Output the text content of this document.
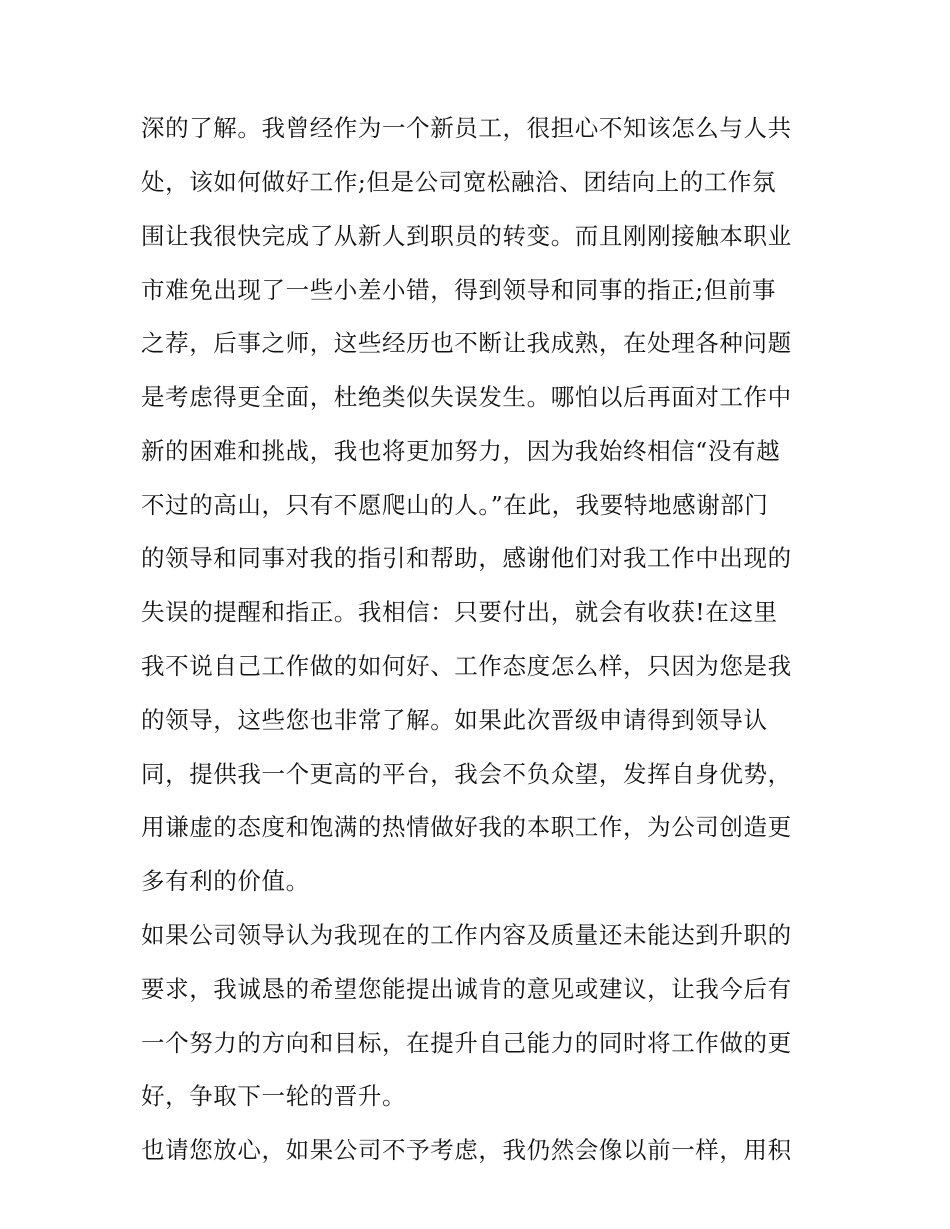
深的了解。我曾经作为一个新员工，很担心不知该怎么与人共
处，该如何做好工作;但是公司宽松融洽、团结向上的工作氛
围让我很快完成了从新人到职员的转变。而且刚刚接触本职业
市难免出现了一些小差小错，得到领导和同事的指正;但前事
之荐，后事之师，这些经历也不断让我成熟，在处理各种问题
是考虑得更全面，杜绝类似失误发生。哪怕以后再面对工作中
新的困难和挑战，我也将更加努力，因为我始终相信“没有越
不过的高山，只有不愿爬山的人。”在此，我要特地感谢部门
的领导和同事对我的指引和帮助，感谢他们对我工作中出现的
失误的提醒和指正。我相信：只要付出，就会有收获!在这里
我不说自己工作做的如何好、工作态度怎么样，只因为您是我
的领导，这些您也非常了解。如果此次晋级申请得到领导认
同，提供我一个更高的平台，我会不负众望，发挥自身优势，
用谦虚的态度和饱满的热情做好我的本职工作，为公司创造更
多有利的价值。
如果公司领导认为我现在的工作内容及质量还未能达到升职的
要求，我诚恳的希望您能提出诚肯的意见或建议，让我今后有
一个努力的方向和目标，在提升自己能力的同时将工作做的更
好，争取下一轮的晋升。
也请您放心，如果公司不予考虑，我仍然会像以前一样，用积
